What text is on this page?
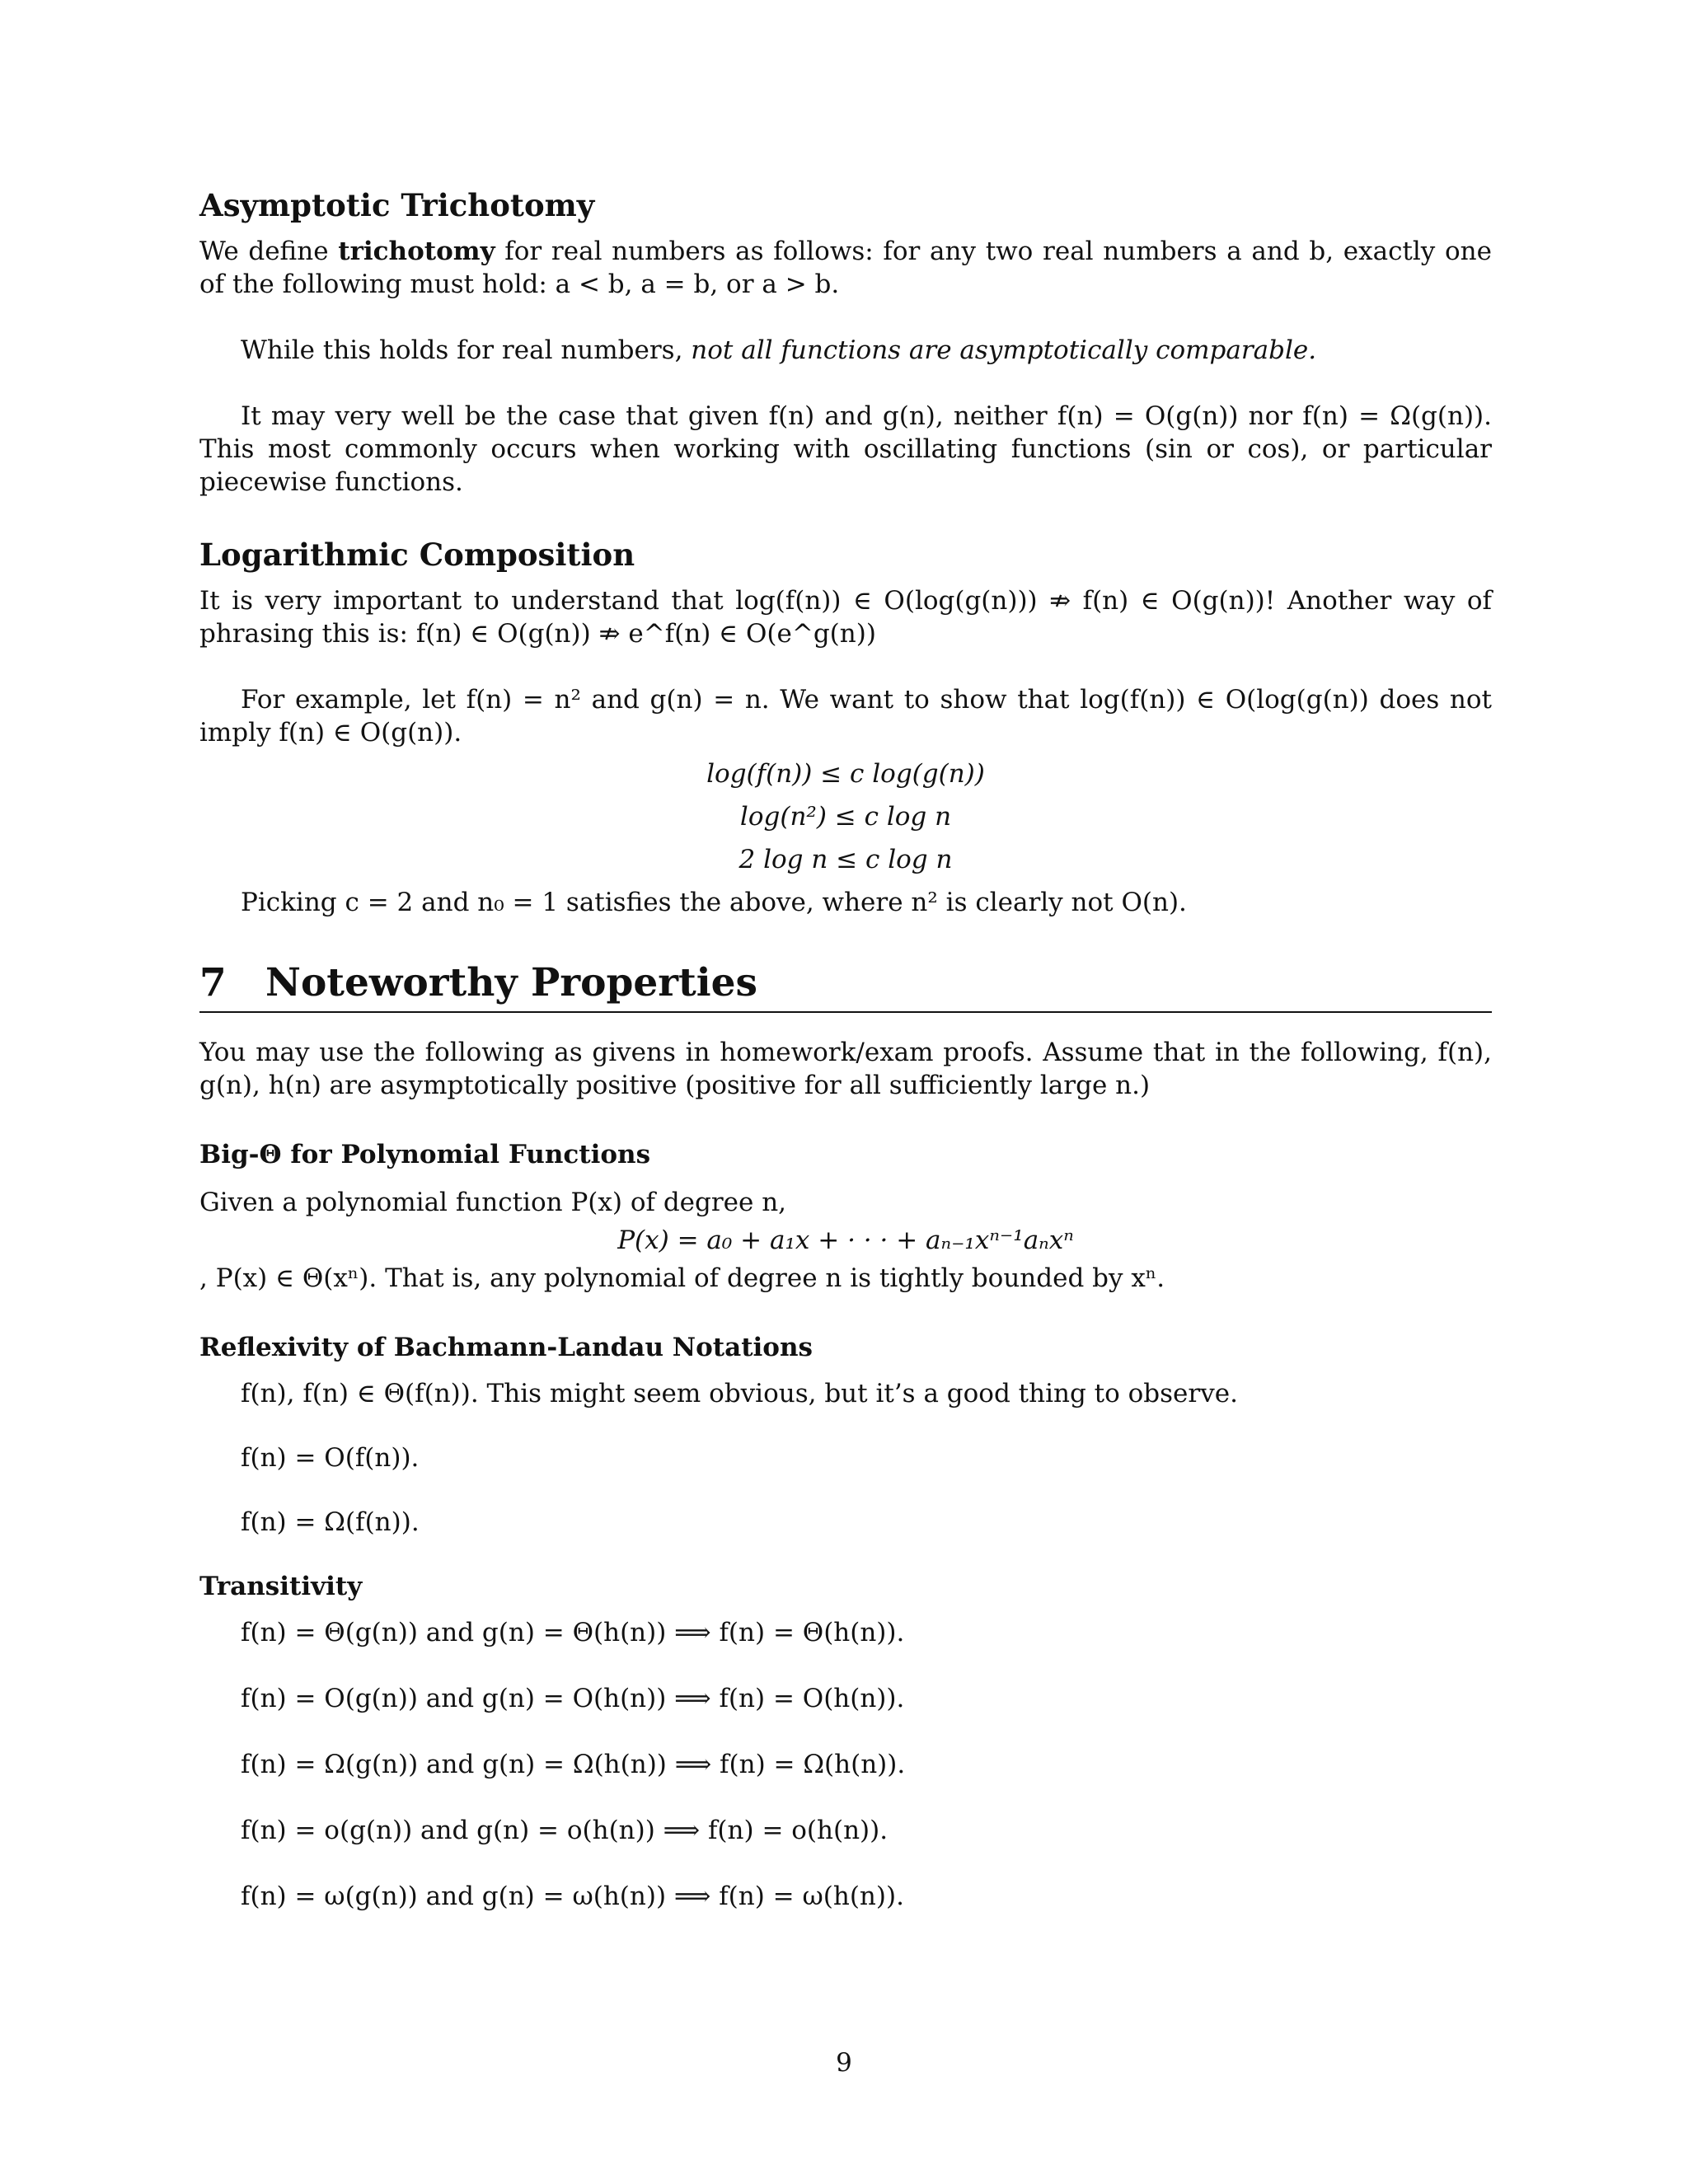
Asymptotic Trichotomy

We define trichotomy for real numbers as follows: for any two real numbers a and b, exactly one of the following must hold: a < b, a = b, or a > b.

While this holds for real numbers, not all functions are asymptotically comparable.

It may very well be the case that given f(n) and g(n), neither f(n) = O(g(n)) nor f(n) = Ω(g(n)). This most commonly occurs when working with oscillating functions (sin or cos), or particular piecewise functions.

Logarithmic Composition

It is very important to understand that log(f(n)) ∈ O(log(g(n))) ⇏ f(n) ∈ O(g(n))! Another way of phrasing this is: f(n) ∈ O(g(n)) ⇏ e^f(n) ∈ O(e^g(n))

For example, let f(n) = n² and g(n) = n. We want to show that log(f(n)) ∈ O(log(g(n)) does not imply f(n) ∈ O(g(n)).

log(f(n)) ≤ c log(g(n))
log(n²) ≤ c log n
2 log n ≤ c log n

Picking c = 2 and n₀ = 1 satisfies the above, where n² is clearly not O(n).

7	Noteworthy Properties

You may use the following as givens in homework/exam proofs. Assume that in the following, f(n), g(n), h(n) are asymptotically positive (positive for all sufficiently large n.)

Big-Θ for Polynomial Functions

Given a polynomial function P(x) of degree n,

P(x) = a₀ + a₁x + · · · + aₙ₋₁xⁿ⁻¹aₙxⁿ

, P(x) ∈ Θ(xⁿ). That is, any polynomial of degree n is tightly bounded by xⁿ.

Reflexivity of Bachmann-Landau Notations

f(n), f(n) ∈ Θ(f(n)). This might seem obvious, but it’s a good thing to observe.

f(n) = O(f(n)).

f(n) = Ω(f(n)).

Transitivity

f(n) = Θ(g(n)) and g(n) = Θ(h(n)) ⟹ f(n) = Θ(h(n)).

f(n) = O(g(n)) and g(n) = O(h(n)) ⟹ f(n) = O(h(n)).

f(n) = Ω(g(n)) and g(n) = Ω(h(n)) ⟹ f(n) = Ω(h(n)).

f(n) = o(g(n)) and g(n) = o(h(n)) ⟹ f(n) = o(h(n)).

f(n) = ω(g(n)) and g(n) = ω(h(n)) ⟹ f(n) = ω(h(n)).

9
